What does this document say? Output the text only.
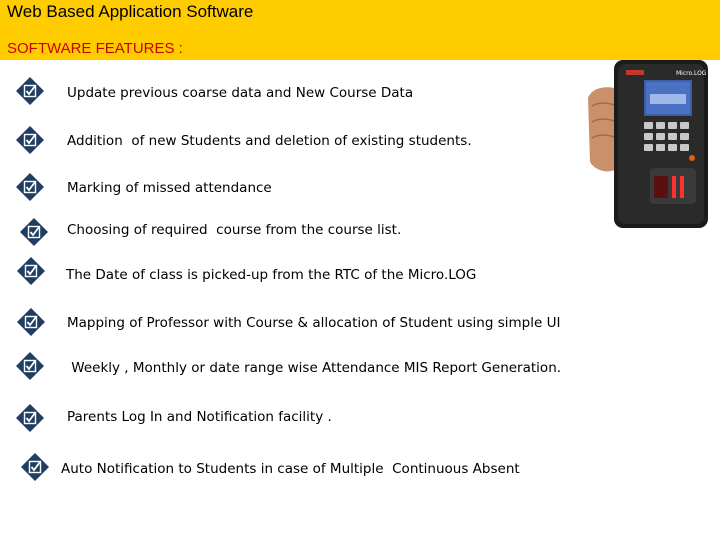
Web Based Application Software
SOFTWARE FEATURES :
Micro.LOG
Update previous coarse data and New Course Data
Addition  of new Students and deletion of existing students.
Marking of missed attendance
Choosing of required  course from the course list.
The Date of class is picked-up from the RTC of the Micro.LOG
Mapping of Professor with Course & allocation of Student using simple UI
Weekly , Monthly or date range wise Attendance MIS Report Generation.
Parents Log In and Notification facility .
Auto Notification to Students in case of Multiple  Continuous Absent
